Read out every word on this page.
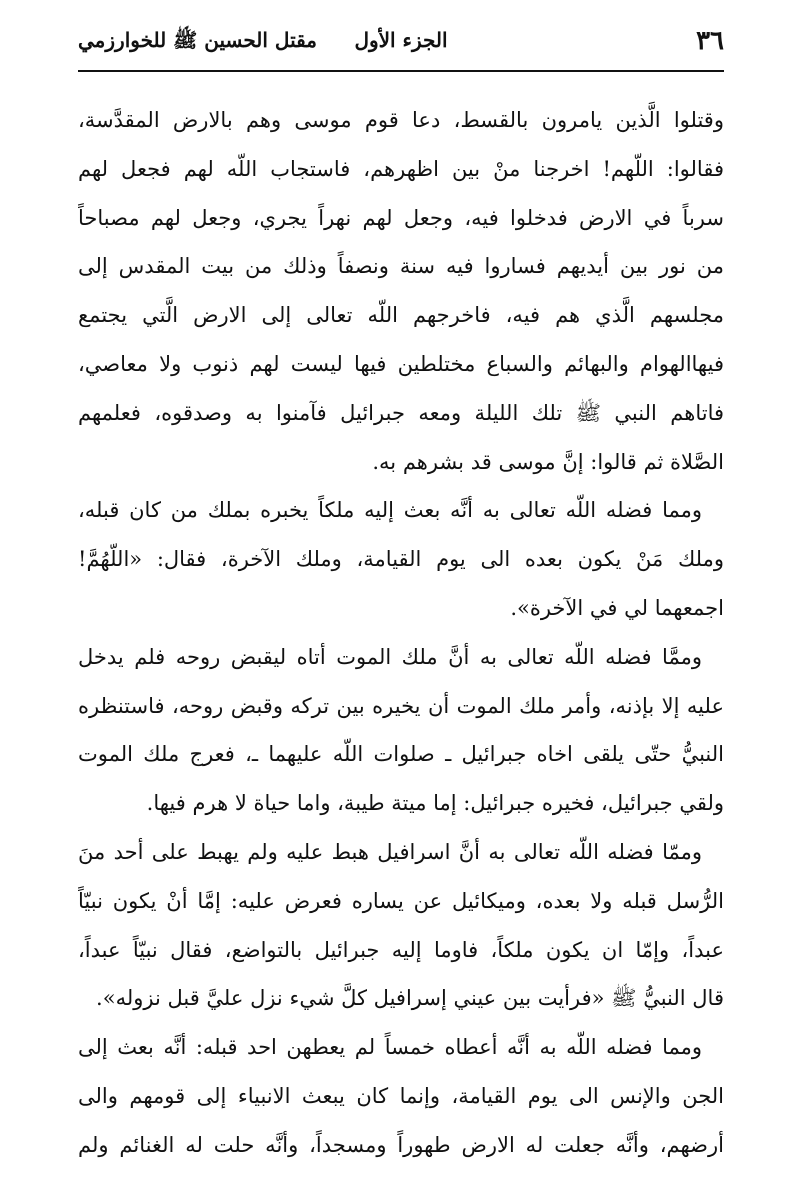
٣٦
الجزء الأول
مقتل الحسين ﷺ للخوارزمي
وقتلوا الَّذين يامرون بالقسط، دعا قوم موسى وهم بالارض المقدَّسة،
فقالوا: اللّهم! اخرجنا منْ بين اظهرهم، فاستجاب اللّه لهم فجعل لهم
سرباً في الارض فدخلوا فيه، وجعل لهم نهراً يجري، وجعل لهم مصباحاً
من نور بين أيديهم فساروا فيه سنة ونصفاً وذلك من بيت المقدس إلى
مجلسهم الَّذي هم فيه، فاخرجهم اللّه تعالى إلى الارض الَّتي يجتمع
فيهاالهوام والبهائم والسباع مختلطين فيها ليست لهم ذنوب ولا معاصي،
فاتاهم النبي ﷺ تلك الليلة ومعه جبرائيل فآمنوا به وصدقوه، فعلمهم
الصَّلاة ثم قالوا: إنَّ موسى قد بشرهم به.
ومما فضله اللّه تعالى به أنَّه بعث إليه ملكاً يخبره بملك من كان قبله،
وملك مَنْ يكون بعده الى يوم القيامة، وملك الآخرة، فقال: «اللّهُمَّ!
اجمعهما لي في الآخرة».
وممَّا فضله اللّه تعالى به أنَّ ملك الموت أتاه ليقبض روحه فلم يدخل
عليه إلا بإذنه، وأمر ملك الموت أن يخيره بين تركه وقبض روحه، فاستنظره
النبيُّ حتّى يلقى اخاه جبرائيل ـ صلوات اللّه عليهما ـ، فعرج ملك الموت
ولقي جبرائيل، فخيره جبرائيل: إما ميتة طيبة، واما حياة لا هرم فيها.
وممّا فضله اللّه تعالى به أنَّ اسرافيل هبط عليه ولم يهبط على أحد منَ
الرُّسل قبله ولا بعده، وميكائيل عن يساره فعرض عليه: إمَّا أنْ يكون نبيّاً
عبداً، وإمّا ان يكون ملكاً، فاوما إليه جبرائيل بالتواضع، فقال نبيّاً عبداً،
قال النبيُّ ﷺ «فرأيت بين عيني إسرافيل كلَّ شيء نزل عليَّ قبل نزوله».
ومما فضله اللّه به أنَّه أعطاه خمساً لم يعطهن احد قبله: أنَّه بعث إلى
الجن والإنس الى يوم القيامة، وإنما كان يبعث الانبياء إلى قومهم والى
أرضهم، وأنَّه جعلت له الارض طهوراً ومسجداً، وأنَّه حلت له الغنائم ولم
